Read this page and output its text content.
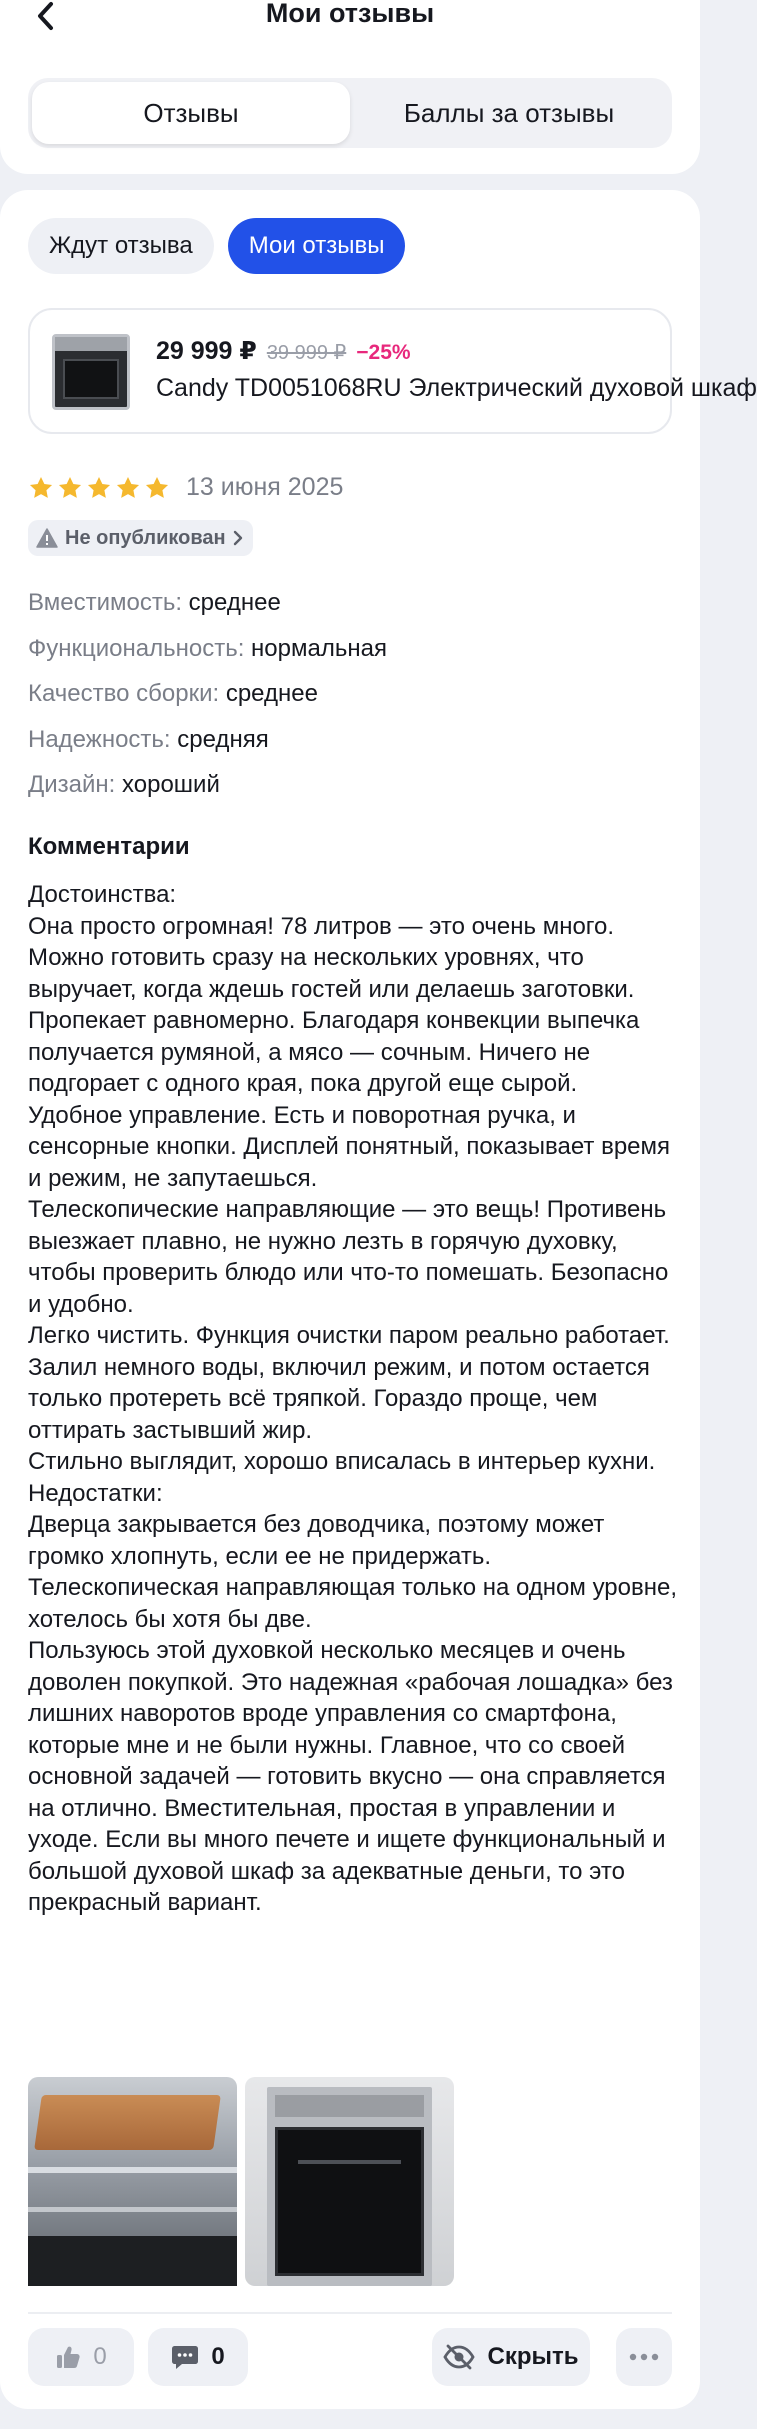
Мои отзывы
Отзывы	Баллы за отзывы
Ждут отзыва	Мои отзывы
29 999 ₽ 39 999 ₽ −25%
Candy TD0051068RU Электрический духовой шкаф
13 июня 2025
Не опубликован
Вместимость: среднее
Функциональность: нормальная
Качество сборки: среднее
Надежность: средняя
Дизайн: хороший
Комментарии

Достоинства:

Она просто огромная! 78 литров — это очень много. Можно готовить сразу на нескольких уровнях, что выручает, когда ждешь гостей или делаешь заготовки.

Пропекает равномерно. Благодаря конвекции выпечка получается румяной, а мясо — сочным. Ничего не подгорает с одного края, пока другой еще сырой.

Удобное управление. Есть и поворотная ручка, и сенсорные кнопки. Дисплей понятный, показывает время и режим, не запутаешься.

Телескопические направляющие — это вещь! Противень выезжает плавно, не нужно лезть в горячую духовку, чтобы проверить блюдо или что-то помешать. Безопасно и удобно.

Легко чистить. Функция очистки паром реально работает. Залил немного воды, включил режим, и потом остается только протереть всё тряпкой. Гораздо проще, чем оттирать застывший жир.

Стильно выглядит, хорошо вписалась в интерьер кухни.

Недостатки:

Дверца закрывается без доводчика, поэтому может громко хлопнуть, если ее не придержать.

Телескопическая направляющая только на одном уровне, хотелось бы хотя бы две.

Пользуюсь этой духовкой несколько месяцев и очень доволен покупкой. Это надежная «рабочая лошадка» без лишних наворотов вроде управления со смартфона, которые мне и не были нужны. Главное, что со своей основной задачей — готовить вкусно — она справляется на отлично. Вместительная, простая в управлении и уходе. Если вы много печете и ищете функциональный и большой духовой шкаф за адекватные деньги, то это прекрасный вариант.

0	0	Скрыть
